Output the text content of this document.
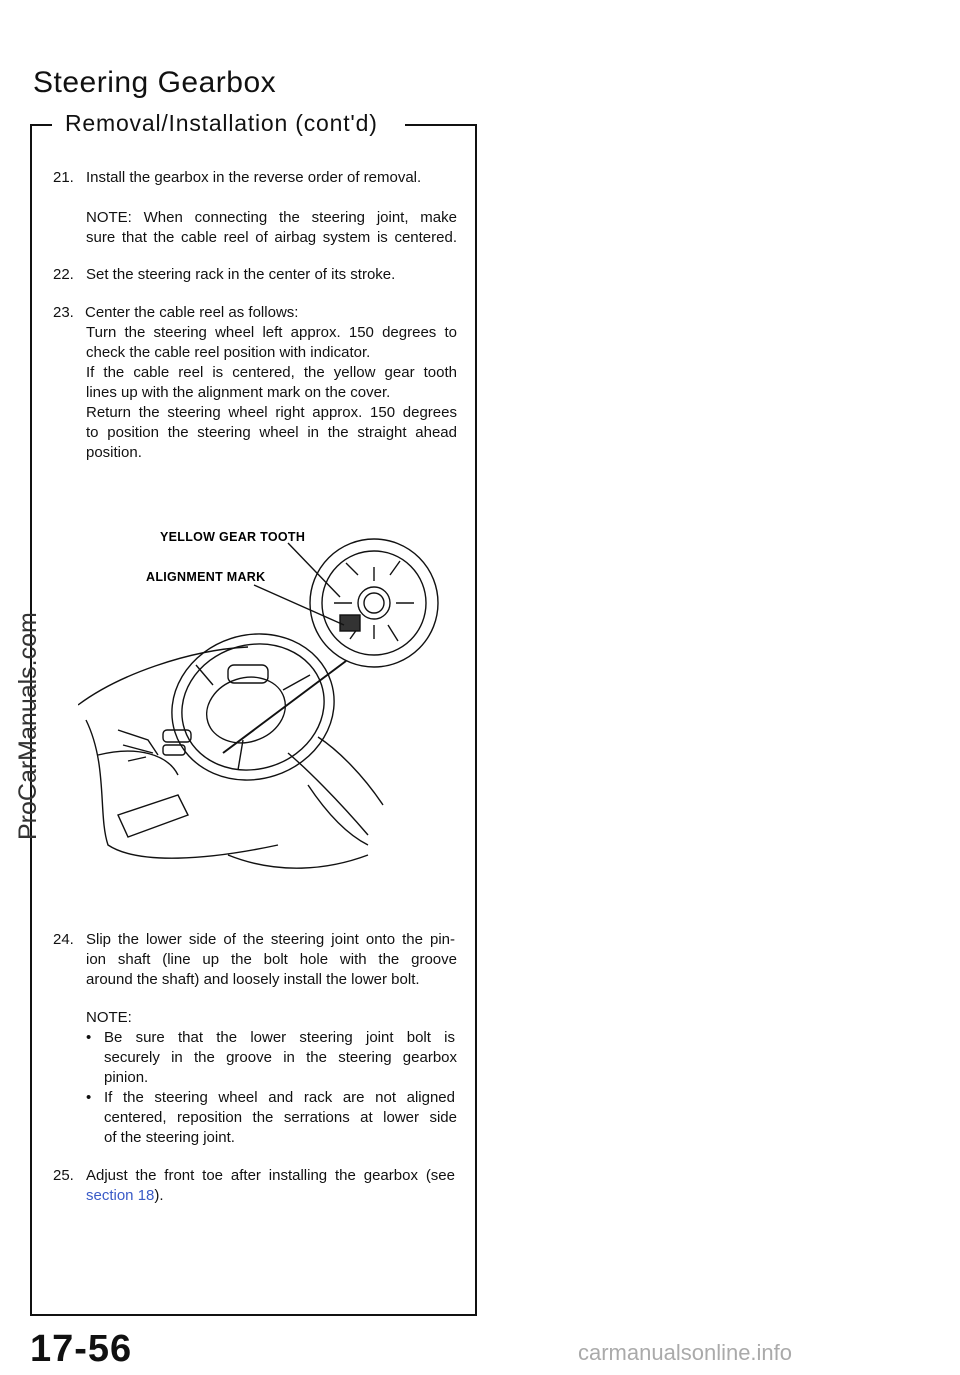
Steering Gearbox
Removal/Installation (cont'd)
21. Install the gearbox in the reverse order of removal.
NOTE: When connecting the steering joint, make
sure that the cable reel of airbag system is centered.
22. Set the steering rack in the center of its stroke.
23. Center the cable reel as follows:
Turn the steering wheel left approx. 150 degrees to
check the cable reel position with indicator.
If the cable reel is centered, the yellow gear tooth
lines up with the alignment mark on the cover.
Return the steering wheel right approx. 150 degrees
to position the steering wheel in the straight ahead
position.
YELLOW GEAR TOOTH
ALIGNMENT MARK
24. Slip the lower side of the steering joint onto the pin-
ion shaft (line up the bolt hole with the groove
around the shaft) and loosely install the lower bolt.
NOTE:
• Be sure that the lower steering joint bolt is
securely in the groove in the steering gearbox
pinion.
• If the steering wheel and rack are not aligned
centered, reposition the serrations at lower side
of the steering joint.
25. Adjust the front toe after installing the gearbox (see
section 18).
ProCarManuals.com
17-56	carmanualsonline.info
